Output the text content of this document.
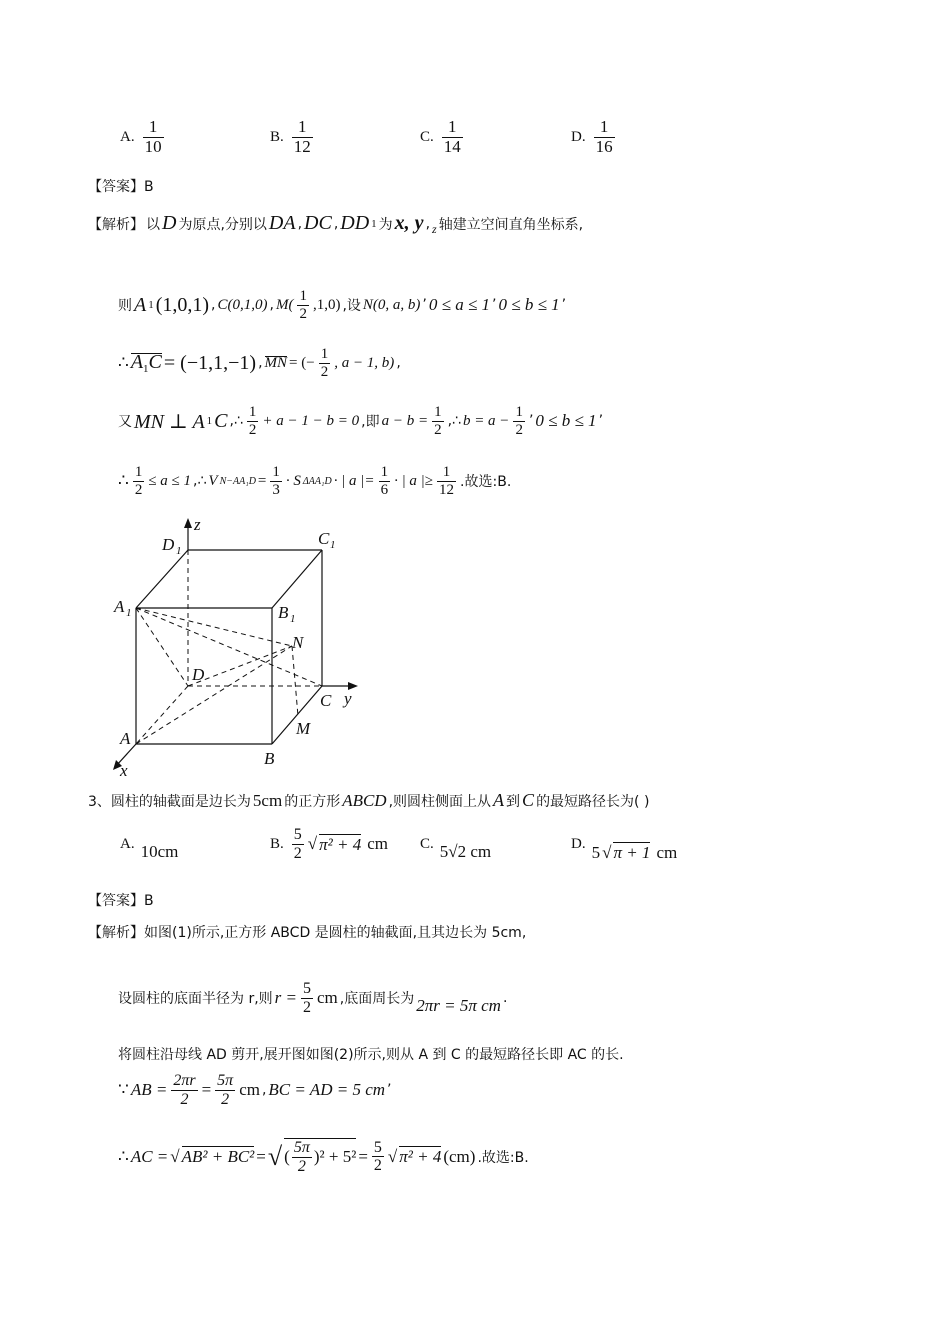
A. $\frac{1}{10}$	B. $\frac{1}{12}$	C. $\frac{1}{14}$	D. $\frac{1}{16}$
【答案】B
【解析】 以 D 为原点,分别以 DA , DC , DD 1 为 x, y , z 轴建立空间直角坐标系,
则 A 1 (1,0,1) , C(0,1,0) , $M( \frac{1}{2} ,1,0)$ ,设 N(0, a, b) ’ 0 ≤ a ≤ 1 ’ 0 ≤ b ≤ 1 ’
∴ $A_1C = (-1,1,-1)$ , MN = (− $\frac{1}{2}$ , a − 1, b) ,
又 MN ⊥ A 1 C ,∴ $\frac{1}{2} + a - 1 - b = 0$ ,即 $a - b = \frac{1}{2}$ ,∴ $b = a - \frac{1}{2}$ ’ 0 ≤ b ≤ 1 ’
∴ $\frac{1}{2} \le a \le 1$ ,∴ V $N-AA_1D = \frac{1}{3} \cdot S$ ΔAA₁D · | a |= $\frac{1}{6}$ · | a |≥ $\frac{1}{12}$ .故选:B.
z
D 1
C 1
A 1	B 1
N
D
C y
M
A
B
x
3、圆柱的轴截面是边长为 5cm 的正方形 ABCD ,则圆柱侧面上从 A 到 C 的最短路径长为( )
A. 10cm	B. $\frac{5}{2}$ √ π² + 4 cm C. 5√2 cm	D. 5 √ π + 1 cm
【答案】B
【解析】如图(1)所示,正方形 ABCD 是圆柱的轴截面,且其边长为 5cm,
设圆柱的底面半径为 r,则 $r = \frac{5}{2}$ cm ,底面周长为 2πr = 5π cm .
将圆柱沿母线 AD 剪开,展开图如图(2)所示,则从 A 到 C 的最短路径长即 AC 的长.
∵ AB = $\frac{2\pi r}{2} = \frac{5\pi}{2}$ cm , BC = AD = 5 cm ’
∴ AC = √ AB² + BC² = √ ( $\frac{5\pi}{2} )^2 + 5^2 = \frac{5}{2}$ √ π² + 4 (cm) .故选:B.
